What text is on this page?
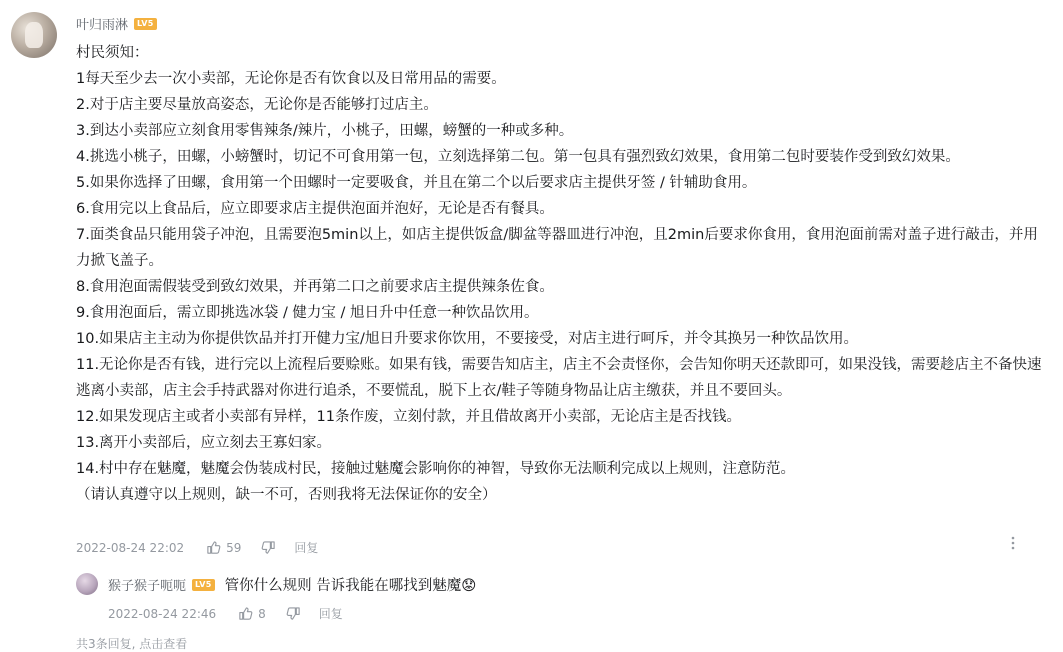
叶归雨淋	LV5
村民须知：
1每天至少去一次小卖部，无论你是否有饮食以及日常用品的需要。
2.对于店主要尽量放高姿态，无论你是否能够打过店主。
3.到达小卖部应立刻食用零售辣条/辣片，小桃子，田螺，螃蟹的一种或多种。
4.挑选小桃子，田螺，小螃蟹时，切记不可食用第一包，立刻选择第二包。第一包具有强烈致幻效果，食用第二包时要装作受到致幻效果。
5.如果你选择了田螺，食用第一个田螺时一定要吸食，并且在第二个以后要求店主提供牙签 / 针辅助食用。
6.食用完以上食品后，应立即要求店主提供泡面并泡好，无论是否有餐具。
7.面类食品只能用袋子冲泡，且需要泡5min以上，如店主提供饭盒/脚盆等器皿进行冲泡，且2min后要求你食用，食用泡面前需对盖子进行敲击，并用力掀飞盖子。
8.食用泡面需假装受到致幻效果，并再第二口之前要求店主提供辣条佐食。
9.食用泡面后，需立即挑选冰袋 / 健力宝 / 旭日升中任意一种饮品饮用。
10.如果店主主动为你提供饮品并打开健力宝/旭日升要求你饮用，不要接受，对店主进行呵斥，并令其换另一种饮品饮用。
11.无论你是否有钱，进行完以上流程后要赊账。如果有钱，需要告知店主，店主不会责怪你，会告知你明天还款即可，如果没钱，需要趁店主不备快速逃离小卖部，店主会手持武器对你进行追杀，不要慌乱，脱下上衣/鞋子等随身物品让店主缴获，并且不要回头。
12.如果发现店主或者小卖部有异样，11条作废，立刻付款，并且借故离开小卖部，无论店主是否找钱。
13.离开小卖部后，应立刻去王寡妇家。
14.村中存在魅魔，魅魔会伪装成村民，接触过魅魔会影响你的神智，导致你无法顺利完成以上规则，注意防范。
（请认真遵守以上规则，缺一不可，否则我将无法保证你的安全）
2022-08-24 22:02	59	回复
猴子猴子呃呃	LV5 管你什么规则 告诉我能在哪找到魅魔😟
2022-08-24 22:46	8	回复
共3条回复, 点击查看
